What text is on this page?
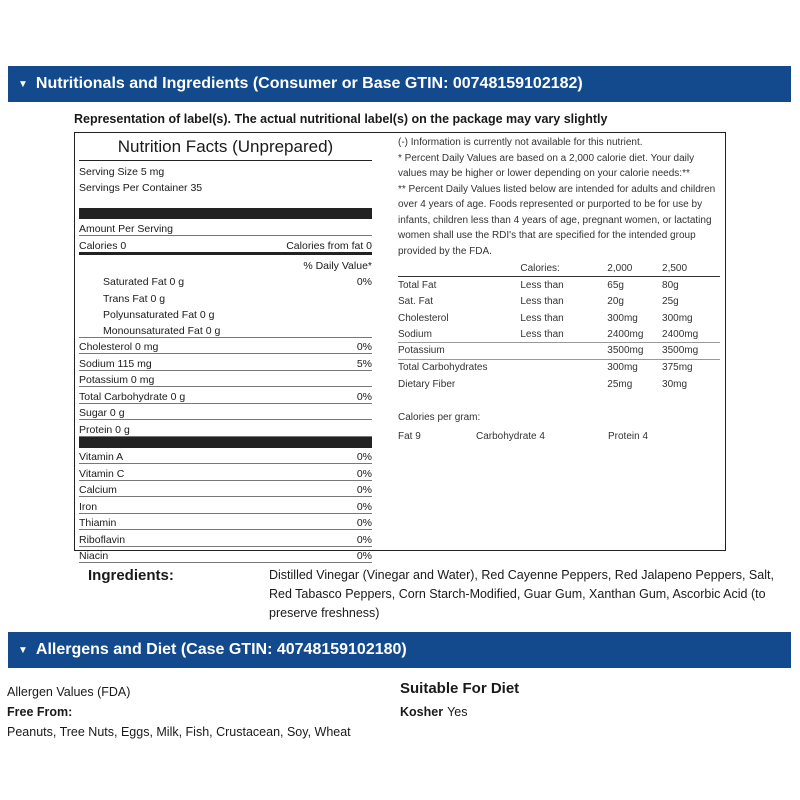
▼ Nutritionals and Ingredients (Consumer or Base GTIN: 00748159102182)
Representation of label(s). The actual nutritional label(s) on the package may vary slightly
Nutrition Facts (Unprepared)
Serving Size 5 mg
Servings Per Container 35
Amount Per Serving
Calories 0	Calories from fat 0
% Daily Value*
Saturated Fat 0 g	0%
Trans Fat 0 g
Polyunsaturated Fat 0 g
Monounsaturated Fat 0 g
Cholesterol 0 mg	0%
Sodium 115 mg	5%
Potassium 0 mg
Total Carbohydrate 0 g	0%
Sugar 0 g
Protein 0 g
Vitamin A	0%
Vitamin C	0%
Calcium	0%
Iron	0%
Thiamin	0%
Riboflavin	0%
Niacin	0%
(-) Information is currently not available for this nutrient.
* Percent Daily Values are based on a 2,000 calorie diet. Your daily values may be higher or lower depending on your calorie needs:**
** Percent Daily Values listed below are intended for adults and children over 4 years of age. Foods represented or purported to be for use by infants, children less than 4 years of age, pregnant women, or lactating women shall use the RDI's that are specified for the intended group provided by the FDA.
	Calories:	2,000	2,500
Total Fat	Less than	65g	80g
Sat. Fat	Less than	20g	25g
Cholesterol	Less than	300mg	300mg
Sodium	Less than	2400mg	2400mg
Potassium		3500mg	3500mg
Total Carbohydrates		300mg	375mg
Dietary Fiber		25mg	30mg
Calories per gram:
Fat 9	Carbohydrate 4	Protein 4
Ingredients:	Distilled Vinegar (Vinegar and Water), Red Cayenne Peppers, Red Jalapeno Peppers, Salt, Red Tabasco Peppers, Corn Starch-Modified, Guar Gum, Xanthan Gum, Ascorbic Acid (to preserve freshness)
▼ Allergens and Diet (Case GTIN: 40748159102180)
Allergen Values (FDA)
Free From:
Peanuts, Tree Nuts, Eggs, Milk, Fish, Crustacean, Soy, Wheat
Suitable For Diet
Kosher Yes
